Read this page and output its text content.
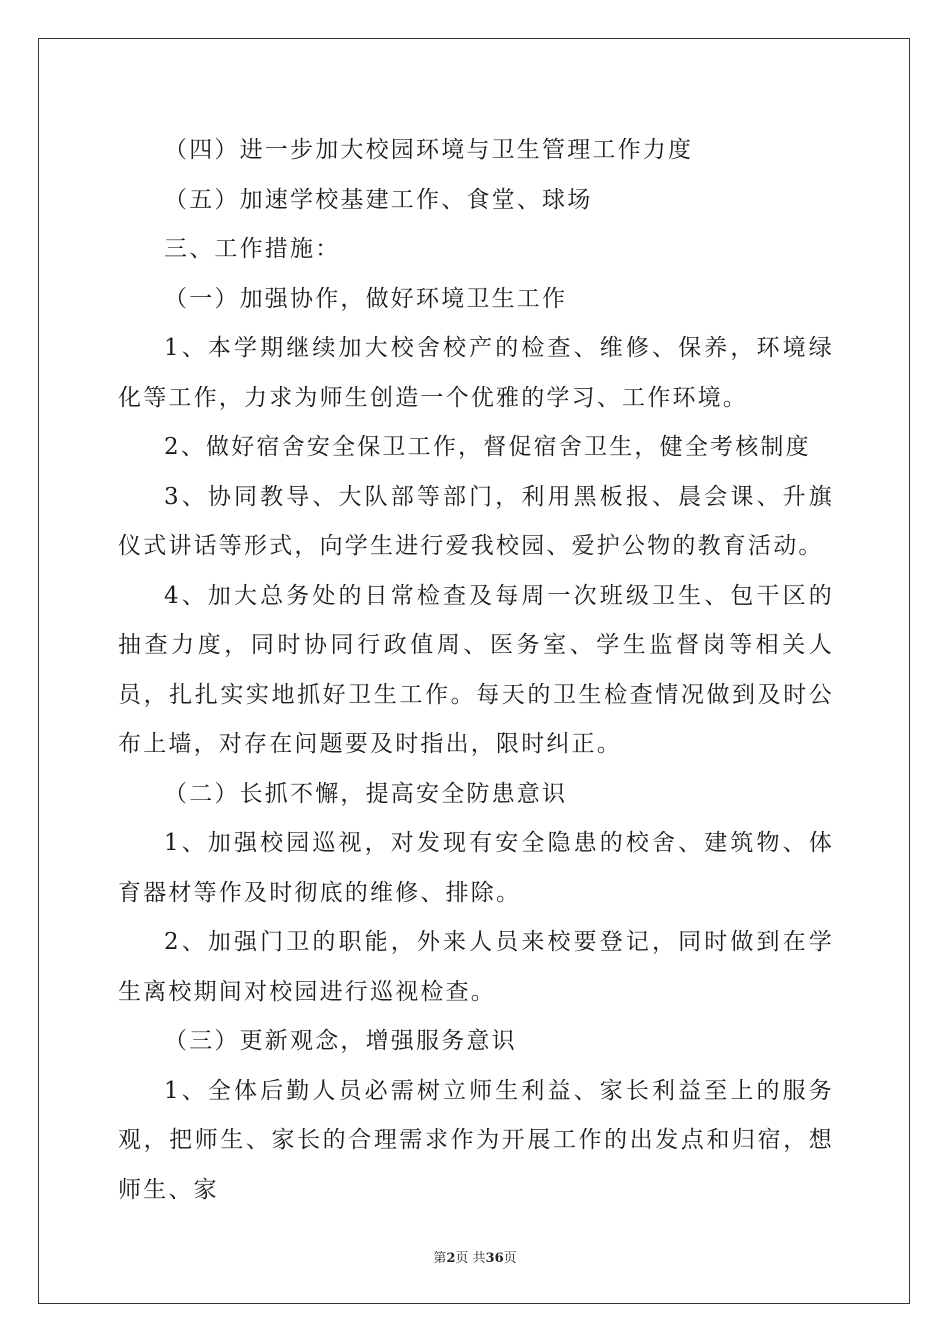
（四）进一步加大校园环境与卫生管理工作力度

（五）加速学校基建工作、食堂、球场

三、工作措施：

（一）加强协作，做好环境卫生工作

1、本学期继续加大校舍校产的检查、维修、保养，环境绿化等工作，力求为师生创造一个优雅的学习、工作环境。

2、做好宿舍安全保卫工作，督促宿舍卫生，健全考核制度

3、协同教导、大队部等部门，利用黑板报、晨会课、升旗仪式讲话等形式，向学生进行爱我校园、爱护公物的教育活动。

4、加大总务处的日常检查及每周一次班级卫生、包干区的抽查力度，同时协同行政值周、医务室、学生监督岗等相关人员，扎扎实实地抓好卫生工作。每天的卫生检查情况做到及时公布上墙，对存在问题要及时指出，限时纠正。

（二）长抓不懈，提高安全防患意识

1、加强校园巡视，对发现有安全隐患的校舍、建筑物、体育器材等作及时彻底的维修、排除。

2、加强门卫的职能，外来人员来校要登记，同时做到在学生离校期间对校园进行巡视检查。

（三）更新观念，增强服务意识

1、全体后勤人员必需树立师生利益、家长利益至上的服务观，把师生、家长的合理需求作为开展工作的出发点和归宿，想师生、家

第2页 共36页
